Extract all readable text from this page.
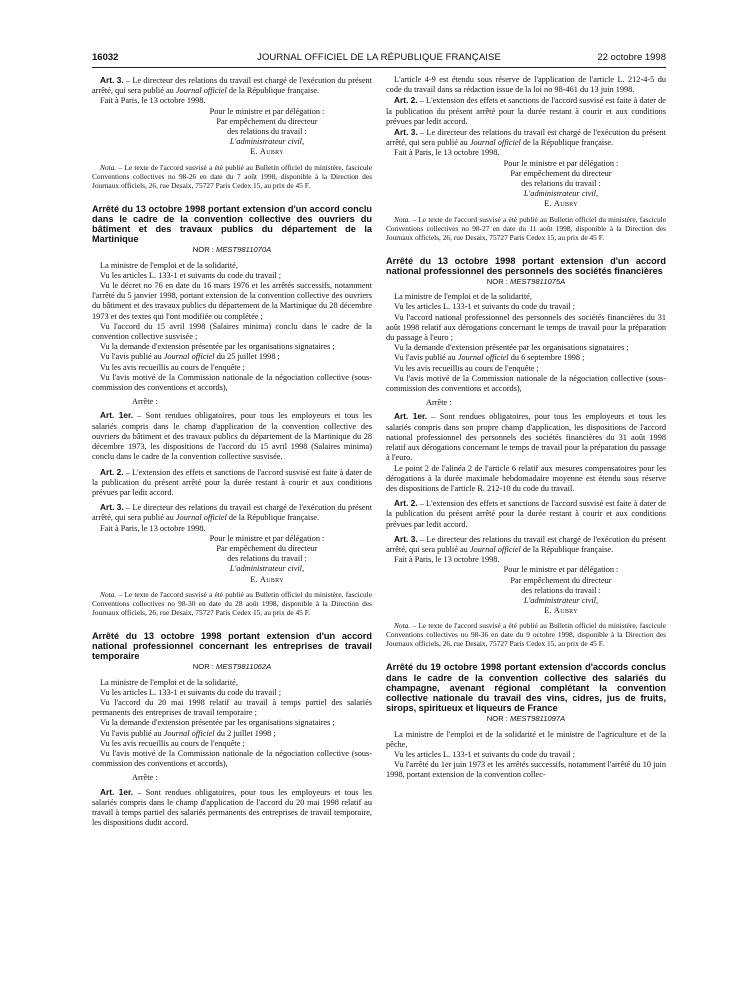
16032	JOURNAL OFFICIEL DE LA RÉPUBLIQUE FRANÇAISE	22 octobre 1998

Art. 3. – Le directeur des relations du travail est chargé de l'exécution du présent arrêté, qui sera publié au Journal officiel de la République française.

Fait à Paris, le 13 octobre 1998.

Pour le ministre et par délégation :
Par empêchement du directeur
des relations du travail :
L'administrateur civil,
E. Aubry

Nota. – Le texte de l'accord susvisé a été publié au Bulletin officiel du ministère, fascicule Conventions collectives no 98-26 en date du 7 août 1998, disponible à la Direction des Journaux officiels, 26, rue Desaix, 75727 Paris Cedex 15, au prix de 45 F.

Arrêté du 13 octobre 1998 portant extension d'un accord conclu dans le cadre de la convention collective des ouvriers du bâtiment et des travaux publics du département de la Martinique
NOR : MEST9811070A

La ministre de l'emploi et de la solidarité,

Vu les articles L. 133-1 et suivants du code du travail ;

Vu le décret no 76 en date du 16 mars 1976 et les arrêtés successifs, notamment l'arrêté du 5 janvier 1998, portant extension de la convention collective des ouvriers du bâtiment et des travaux publics du département de la Martinique du 28 décembre 1973 et des textes qui l'ont modifiée ou complétée ;

Vu l'accord du 15 avril 1998 (Salaires minima) conclu dans le cadre de la convention collective susvisée ;

Vu la demande d'extension présentée par les organisations signataires ;

Vu l'avis publié au Journal officiel du 25 juillet 1998 ;

Vu les avis recueillis au cours de l'enquête ;

Vu l'avis motivé de la Commission nationale de la négociation collective (sous-commission des conventions et accords),

Arrête :

Art. 1er. – Sont rendues obligatoires, pour tous les employeurs et tous les salariés compris dans le champ d'application de la convention collective des ouvriers du bâtiment et des travaux publics du département de la Martinique du 28 décembre 1973, les dispositions de l'accord du 15 avril 1998 (Salaires minima) conclu dans le cadre de la convention collective susvisée.

Art. 2. – L'extension des effets et sanctions de l'accord susvisé est faite à dater de la publication du présent arrêté pour la durée restant à courir et aux conditions prévues par ledit accord.

Art. 3. – Le directeur des relations du travail est chargé de l'exécution du présent arrêté, qui sera publié au Journal officiel de la République française.

Fait à Paris, le 13 octobre 1998.

Pour le ministre et par délégation :
Par empêchement du directeur
des relations du travail :
L'administrateur civil,
E. Aubry

Nota. – Le texte de l'accord susvisé a été publié au Bulletin officiel du ministère, fascicule Conventions collectives no 98-30 en date du 28 août 1998, disponible à la Direction des Journaux officiels, 26, rue Desaix, 75727 Paris Cedex 15, au prix de 45 F.

Arrêté du 13 octobre 1998 portant extension d'un accord national professionnel concernant les entreprises de travail temporaire
NOR : MEST9811062A

La ministre de l'emploi et de la solidarité,

Vu les articles L. 133-1 et suivants du code du travail ;

Vu l'accord du 20 mai 1998 relatif au travail à temps partiel des salariés permanents des entreprises de travail temporaire ;

Vu la demande d'extension présentée par les organisations signataires ;

Vu l'avis publié au Journal officiel du 2 juillet 1998 ;

Vu les avis recueillis au cours de l'enquête ;

Vu l'avis motivé de la Commission nationale de la négociation collective (sous-commission des conventions et accords),

Arrête :

Art. 1er. – Sont rendues obligatoires, pour tous les employeurs et tous les salariés compris dans le champ d'application de l'accord du 20 mai 1998 relatif au travail à temps partiel des salariés permanents des entreprises de travail temporaire, les dispositions dudit accord.

L'article 4-9 est étendu sous réserve de l'application de l'article L. 212-4-5 du code du travail dans sa rédaction issue de la loi no 98-461 du 13 juin 1998.

Art. 2. – L'extension des effets et sanctions de l'accord susvisé est faite à dater de la publication du présent arrêté pour la durée restant à courir et aux conditions prévues par ledit accord.

Art. 3. – Le directeur des relations du travail est chargé de l'exécution du présent arrêté, qui sera publié au Journal officiel de la République française.

Fait à Paris, le 13 octobre 1998.

Pour le ministre et par délégation :
Par empêchement du directeur
des relations du travail :
L'administrateur civil,
E. Aubry

Nota. – Le texte de l'accord susvisé a été publié au Bulletin officiel du ministère, fascicule Conventions collectives no 98-27 en date du 11 août 1998, disponible à la Direction des Journaux officiels, 26, rue Desaix, 75727 Paris Cedex 15, au prix de 45 F.

Arrêté du 13 octobre 1998 portant extension d'un accord national professionnel des personnels des sociétés financières
NOR : MEST9811075A

La ministre de l'emploi et de la solidarité,

Vu les articles L. 133-1 et suivants du code du travail ;

Vu l'accord national professionnel des personnels des sociétés financières du 31 août 1998 relatif aux dérogations concernant le temps de travail pour la préparation du passage à l'euro ;

Vu la demande d'extension présentée par les organisations signataires ;

Vu l'avis publié au Journal officiel du 6 septembre 1998 ;

Vu les avis recueillis au cours de l'enquête ;

Vu l'avis motivé de la Commission nationale de la négociation collective (sous-commission des conventions et accords),

Arrête :

Art. 1er. – Sont rendues obligatoires, pour tous les employeurs et tous les salariés compris dans son propre champ d'application, les dispositions de l'accord national professionnel des personnels des sociétés financières du 31 août 1998 relatif aux dérogations concernant le temps de travail pour la préparation du passage à l'euro.

Le point 2 de l'alinéa 2 de l'article 6 relatif aux mesures compensatoires pour les dérogations à la durée maximale hebdomadaire moyenne est étendu sous réserve des dispositions de l'article R. 212-10 du code du travail.

Art. 2. – L'extension des effets et sanctions de l'accord susvisé est faite à dater de la publication du présent arrêté pour la durée restant à courir et aux conditions prévues par ledit accord.

Art. 3. – Le directeur des relations du travail est chargé de l'exécution du présent arrêté, qui sera publié au Journal officiel de la République française.

Fait à Paris, le 13 octobre 1998.

Pour le ministre et par délégation :
Par empêchement du directeur
des relations du travail :
L'administrateur civil,
E. Aubry

Nota. – Le texte de l'accord susvisé a été publié au Bulletin officiel du ministère, fascicule Conventions collectives no 98-36 en date du 9 octobre 1998, disponible à la Direction des Journaux officiels, 26, rue Desaix, 75727 Paris Cedex 15, au prix de 45 F.

Arrêté du 19 octobre 1998 portant extension d'accords conclus dans le cadre de la convention collective des salariés du champagne, avenant régional complétant la convention collective nationale du travail des vins, cidres, jus de fruits, sirops, spiritueux et liqueurs de France
NOR : MEST9811097A

La ministre de l'emploi et de la solidarité et le ministre de l'agriculture et de la pêche,

Vu les articles L. 133-1 et suivants du code du travail ;

Vu l'arrêté du 1er juin 1973 et les arrêtés successifs, notamment l'arrêté du 10 juin 1998, portant extension de la convention collec-
